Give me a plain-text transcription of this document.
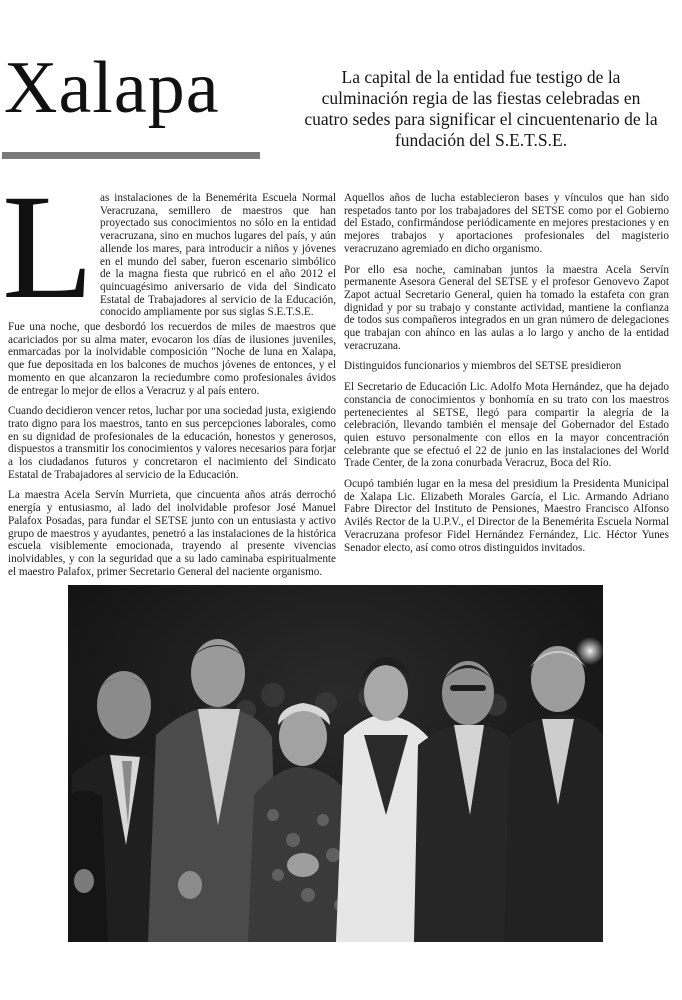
Xalapa	La capital de la entidad fue testigo de la culminación regia de las fiestas celebradas en cuatro sedes para significar el cincuentenario de la fundación del S.E.T.S.E.
L as instalaciones de la Benemérita Escuela Normal Veracruzana, semillero de maestros que han proyectado sus conocimientos no sólo en la entidad veracruzana, sino en muchos lugares del país, y aún allende los mares, para introducir a niños y jóvenes en el mundo del saber, fueron escenario simbólico de la magna fiesta que rubricó en el año 2012 el quincuagésimo aniversario de vida del Sindicato Estatal de Trabajadores al servicio de la Educación, conocido ampliamente por sus siglas S.E.T.S.E.

Fue una noche, que desbordó los recuerdos de miles de maestros que acariciados por su alma mater, evocaron los días de ilusiones juveniles, enmarcadas por la inolvidable composición "Noche de luna en Xalapa, que fue depositada en los balcones de muchos jóvenes de entonces, y el momento en que alcanzaron la reciedumbre como profesionales ávidos de entregar lo mejor de ellos a Veracruz y al país entero.

Cuando decidieron vencer retos, luchar por una sociedad justa, exigiendo trato digno para los maestros, tanto en sus percepciones laborales, como en su dignidad de profesionales de la educación, honestos y generosos, dispuestos a transmitir los conocimientos y valores necesarios para forjar a los ciudadanos futuros y concretaron el nacimiento del Sindicato Estatal de Trabajadores al servicio de la Educación.

La maestra Acela Servín Murrieta, que cincuenta años atrás derrochó energía y entusiasmo, al lado del inolvidable profesor José Manuel Palafox Posadas, para fundar el SETSE junto con un entusiasta y activo grupo de maestros y ayudantes, penetró a las instalaciones de la histórica escuela visiblemente emocionada, trayendo al presente vivencias inolvidables, y con la seguridad que a su lado caminaba espiritualmente el maestro Palafox, primer Secretario General del naciente organismo.

Aquellos años de lucha establecieron bases y vínculos que han sido respetados tanto por los trabajadores del SETSE como por el Gobierno del Estado, confirmándose periódicamente en mejores prestaciones y en mejores trabajos y aportaciones profesionales del magisterio veracruzano agremiado en dicho organismo.

Por ello esa noche, caminaban juntos la maestra Acela Servín permanente Asesora General del SETSE y el profesor Genovevo Zapot Zapot actual Secretario General, quien ha tomado la estafeta con gran dignidad y por su trabajo y constante actividad, mantiene la confianza de todos sus compañeros integrados en un gran número de delegaciones que trabajan con ahínco en las aulas a lo largo y ancho de la entidad veracruzana.

Distinguidos funcionarios y miembros del SETSE presidieron

El Secretario de Educación Lic. Adolfo Mota Hernández, que ha dejado constancia de conocimientos y bonhomía en su trato con los maestros pertenecientes al SETSE, llegó para compartir la alegría de la celebración, llevando también el mensaje del Gobernador del Estado quien estuvo personalmente con ellos en la mayor concentración celebrante que se efectuó el 22 de junio en las instalaciones del World Trade Center, de la zona conurbada Veracruz, Boca del Río.

Ocupó también lugar en la mesa del presidium la Presidenta Municipal de Xalapa Lic. Elizabeth Morales García, el Lic. Armando Adriano Fabre Director del Instituto de Pensiones, Maestro Francisco Alfonso Avilés Rector de la U.P.V., el Director de la Benemérita Escuela Normal Veracruzana profesor Fidel Hernández Fernández, Lic. Héctor Yunes Senador electo, así como otros distinguidos invitados.
